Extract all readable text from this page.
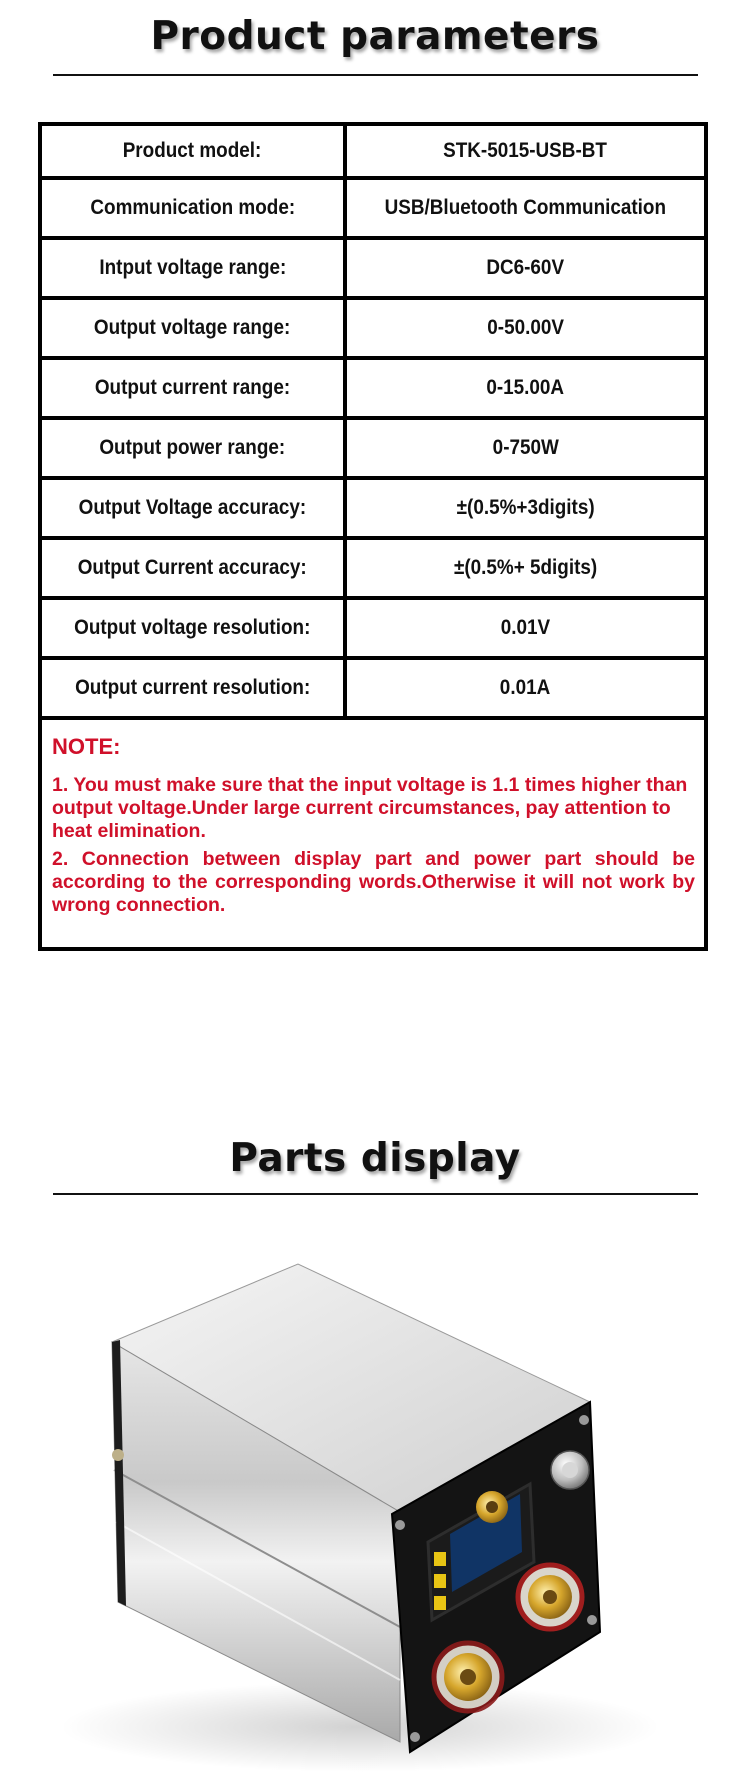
Product parameters
Product model:	STK-5015-USB-BT
Communication mode:	USB/Bluetooth Communication
Intput voltage range:	DC6-60V
Output voltage range:	0-50.00V
Output current range:	0-15.00A
Output power range:	0-750W
Output Voltage accuracy:	±(0.5%+3digits)
Output Current accuracy:	±(0.5%+ 5digits)
Output voltage resolution:	0.01V
Output current resolution:	0.01A

NOTE:

1. You must make sure that the input voltage is 1.1 times higher than output voltage.Under large current circumstances, pay attention to heat elimination.

2. Connection between display part and power part should be according to the corresponding words.Otherwise it will not work by wrong connection.

Parts display
